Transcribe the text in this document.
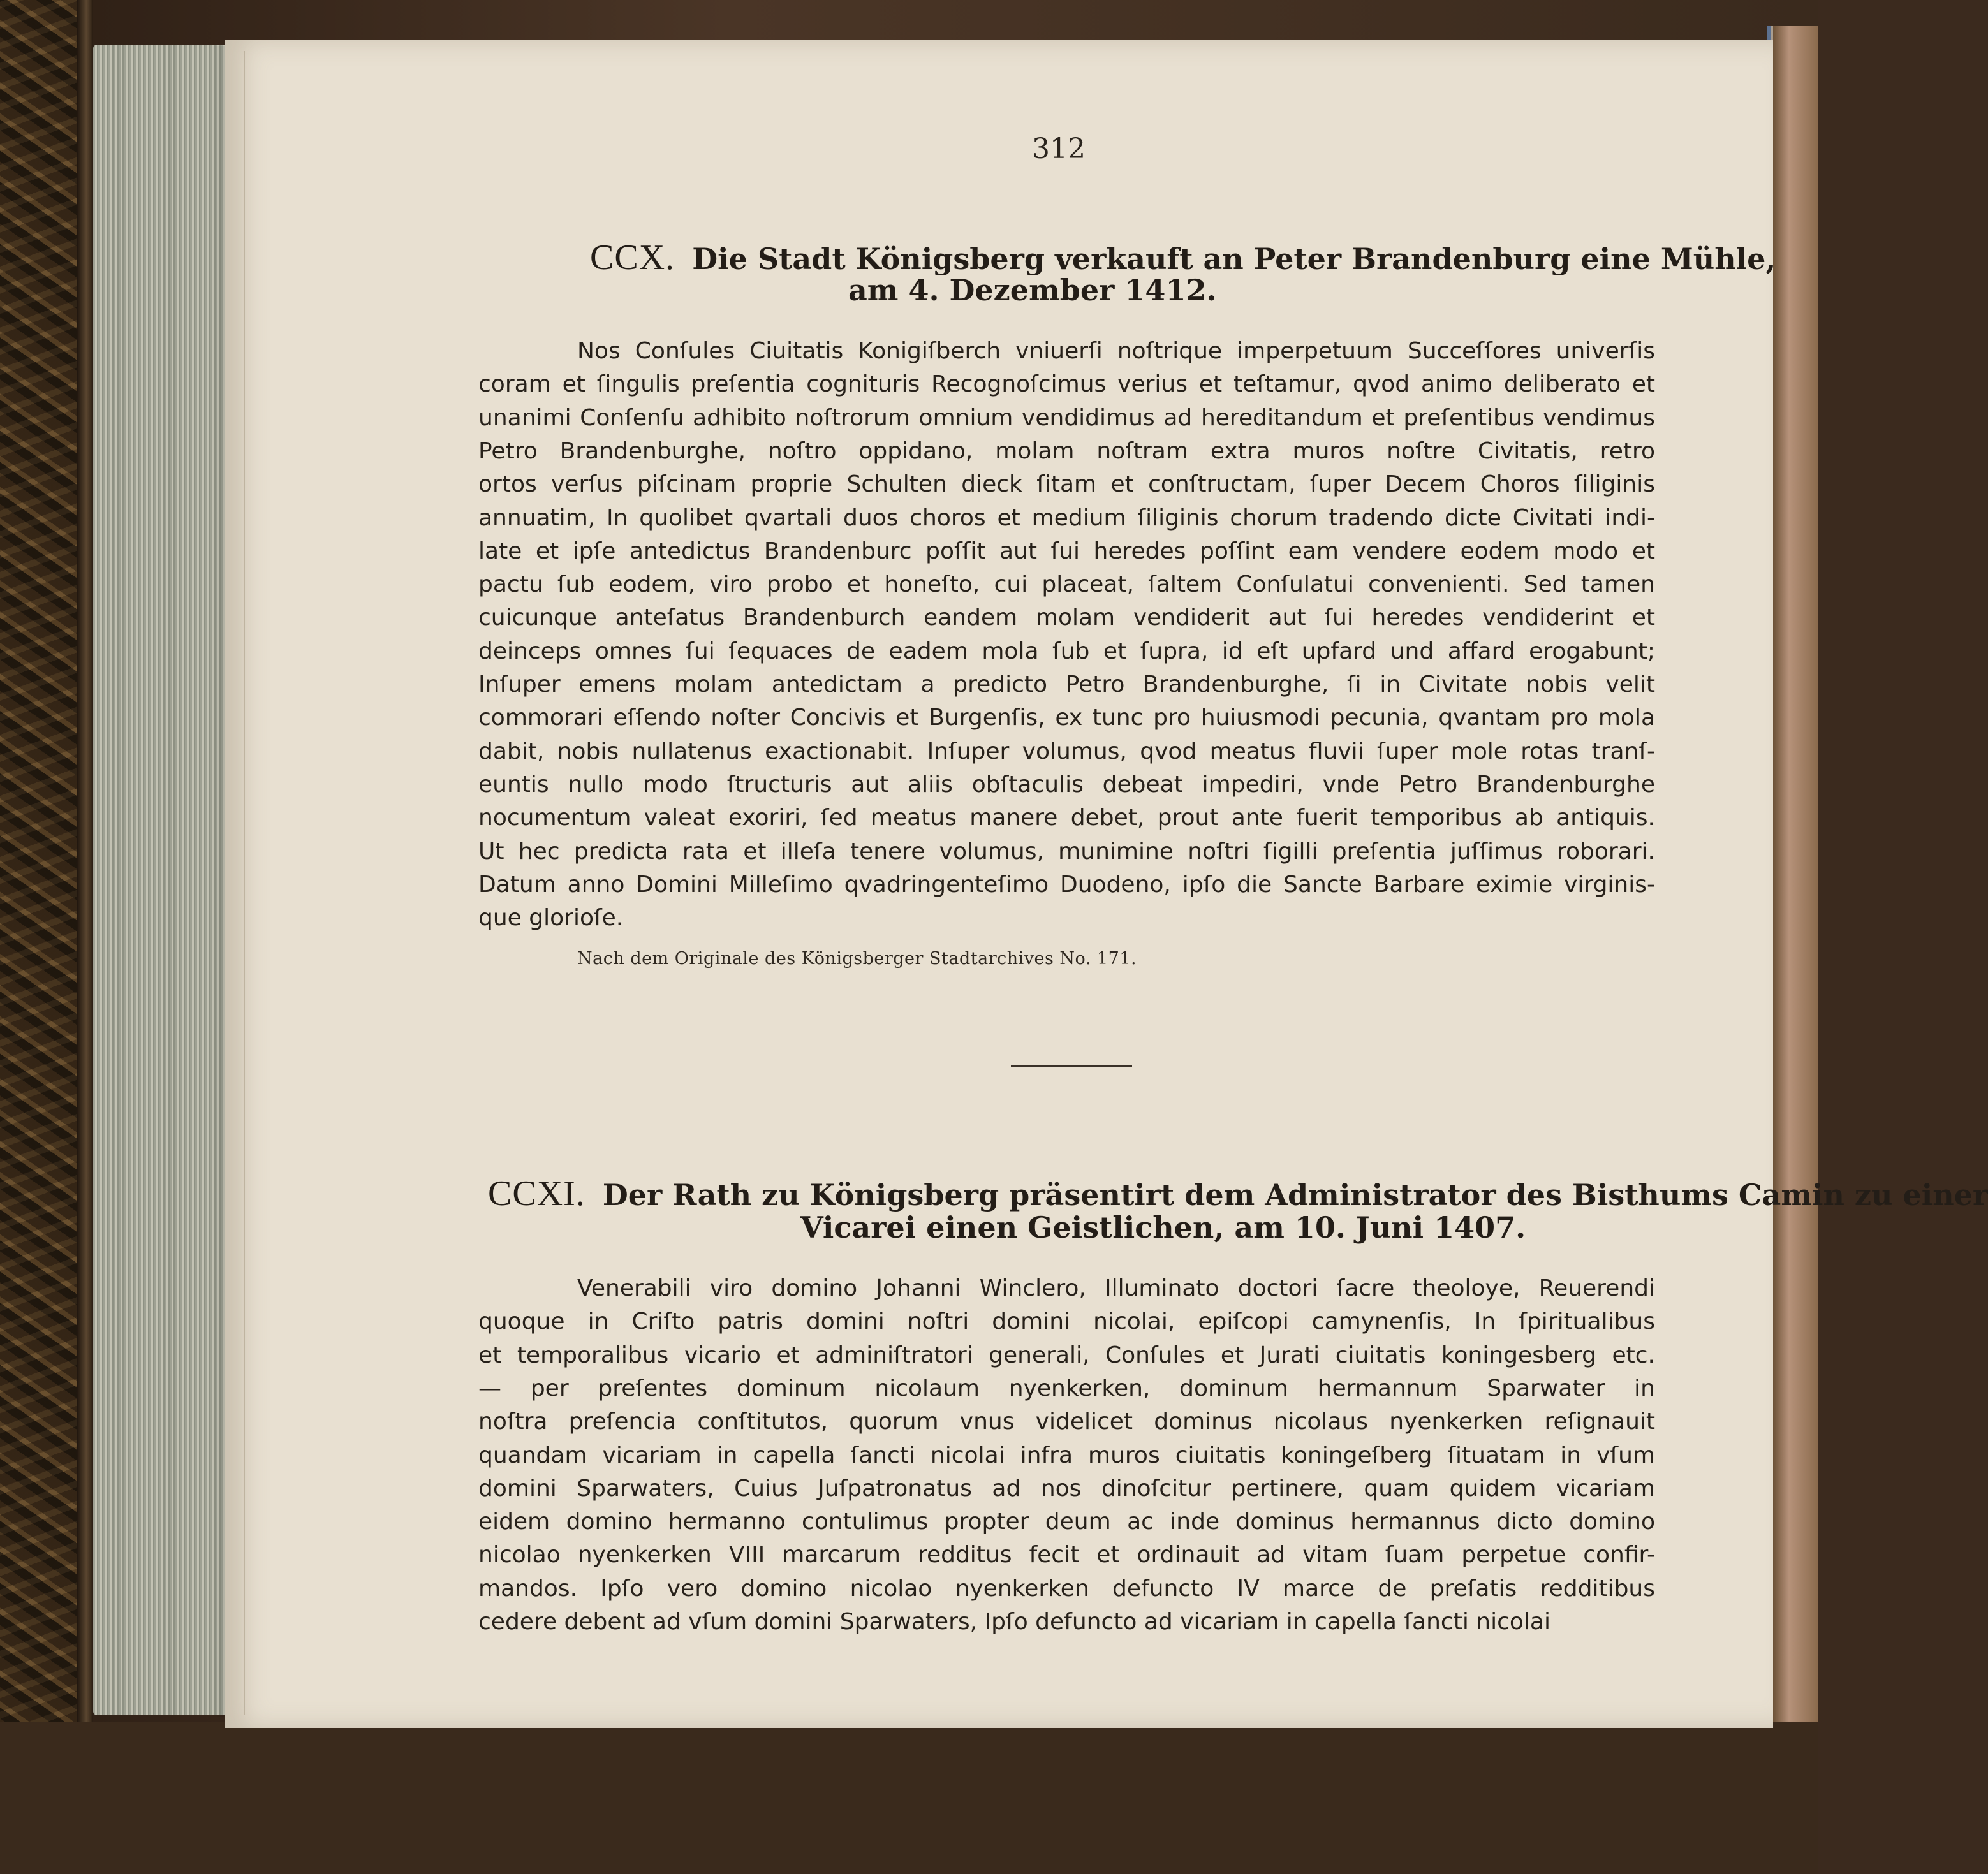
312
CCX. Die Stadt Königsberg verkauft an Peter Brandenburg eine Mühle,
am 4. Dezember 1412.
Nos Conſules Ciuitatis Konigiſberch vniuerſi noſtrique imperpetuum Succeſſores univerſis
coram et ſingulis preſentia cognituris Recognoſcimus verius et teſtamur, qvod animo deliberato et
unanimi Conſenſu adhibito noſtrorum omnium vendidimus ad hereditandum et preſentibus vendimus
Petro Brandenburghe, noſtro oppidano, molam noſtram extra muros noſtre Civitatis, retro
ortos verſus piſcinam proprie Schulten dieck ſitam et conſtructam, ſuper Decem Choros ſiliginis
annuatim, In quolibet qvartali duos choros et medium ſiliginis chorum tradendo dicte Civitati indi-
late et ipſe antedictus Brandenburc poſſit aut ſui heredes poſſint eam vendere eodem modo et
pactu ſub eodem, viro probo et honeſto, cui placeat, ſaltem Conſulatui convenienti. Sed tamen
cuicunque anteſatus Brandenburch eandem molam vendiderit aut ſui heredes vendiderint et
deinceps omnes ſui ſequaces de eadem mola ſub et ſupra, id eſt upfard und affard erogabunt;
Inſuper emens molam antedictam a predicto Petro Brandenburghe, ſi in Civitate nobis velit
commorari eſſendo noſter Concivis et Burgenſis, ex tunc pro huiusmodi pecunia, qvantam pro mola
dabit, nobis nullatenus exactionabit. Inſuper volumus, qvod meatus fluvii ſuper mole rotas tranſ-
euntis nullo modo ſtructuris aut aliis obſtaculis debeat impediri, vnde Petro Brandenburghe
nocumentum valeat exoriri, ſed meatus manere debet, prout ante fuerit temporibus ab antiquis.
Ut hec predicta rata et illeſa tenere volumus, munimine noſtri ſigilli preſentia juſſimus roborari.
Datum anno Domini Milleſimo qvadringenteſimo Duodeno, ipſo die Sancte Barbare eximie virginis-
que glorioſe.
Nach dem Originale des Königsberger Stadtarchives No. 171.
CCXI. Der Rath zu Königsberg präsentirt dem Administrator des Bisthums Camin zu einer
Vicarei einen Geistlichen, am 10. Juni 1407.
Venerabili viro domino Johanni Winclero, Illuminato doctori ſacre theoloye, Reuerendi
quoque in Criſto patris domini noſtri domini nicolai, epiſcopi camynenſis, In ſpiritualibus
et temporalibus vicario et adminiſtratori generali, Conſules et Jurati ciuitatis koningesberg etc.
— per preſentes dominum nicolaum nyenkerken, dominum hermannum Sparwater in
noſtra preſencia conſtitutos, quorum vnus videlicet dominus nicolaus nyenkerken reſignauit
quandam vicariam in capella ſancti nicolai infra muros ciuitatis koningeſberg ſituatam in vſum
domini Sparwaters, Cuius Juſpatronatus ad nos dinoſcitur pertinere, quam quidem vicariam
eidem domino hermanno contulimus propter deum ac inde dominus hermannus dicto domino
nicolao nyenkerken VIII marcarum redditus fecit et ordinauit ad vitam ſuam perpetue confir-
mandos. Ipſo vero domino nicolao nyenkerken defuncto IV marce de preſatis redditibus
cedere debent ad vſum domini Sparwaters, Ipſo defuncto ad vicariam in capella ſancti nicolai
